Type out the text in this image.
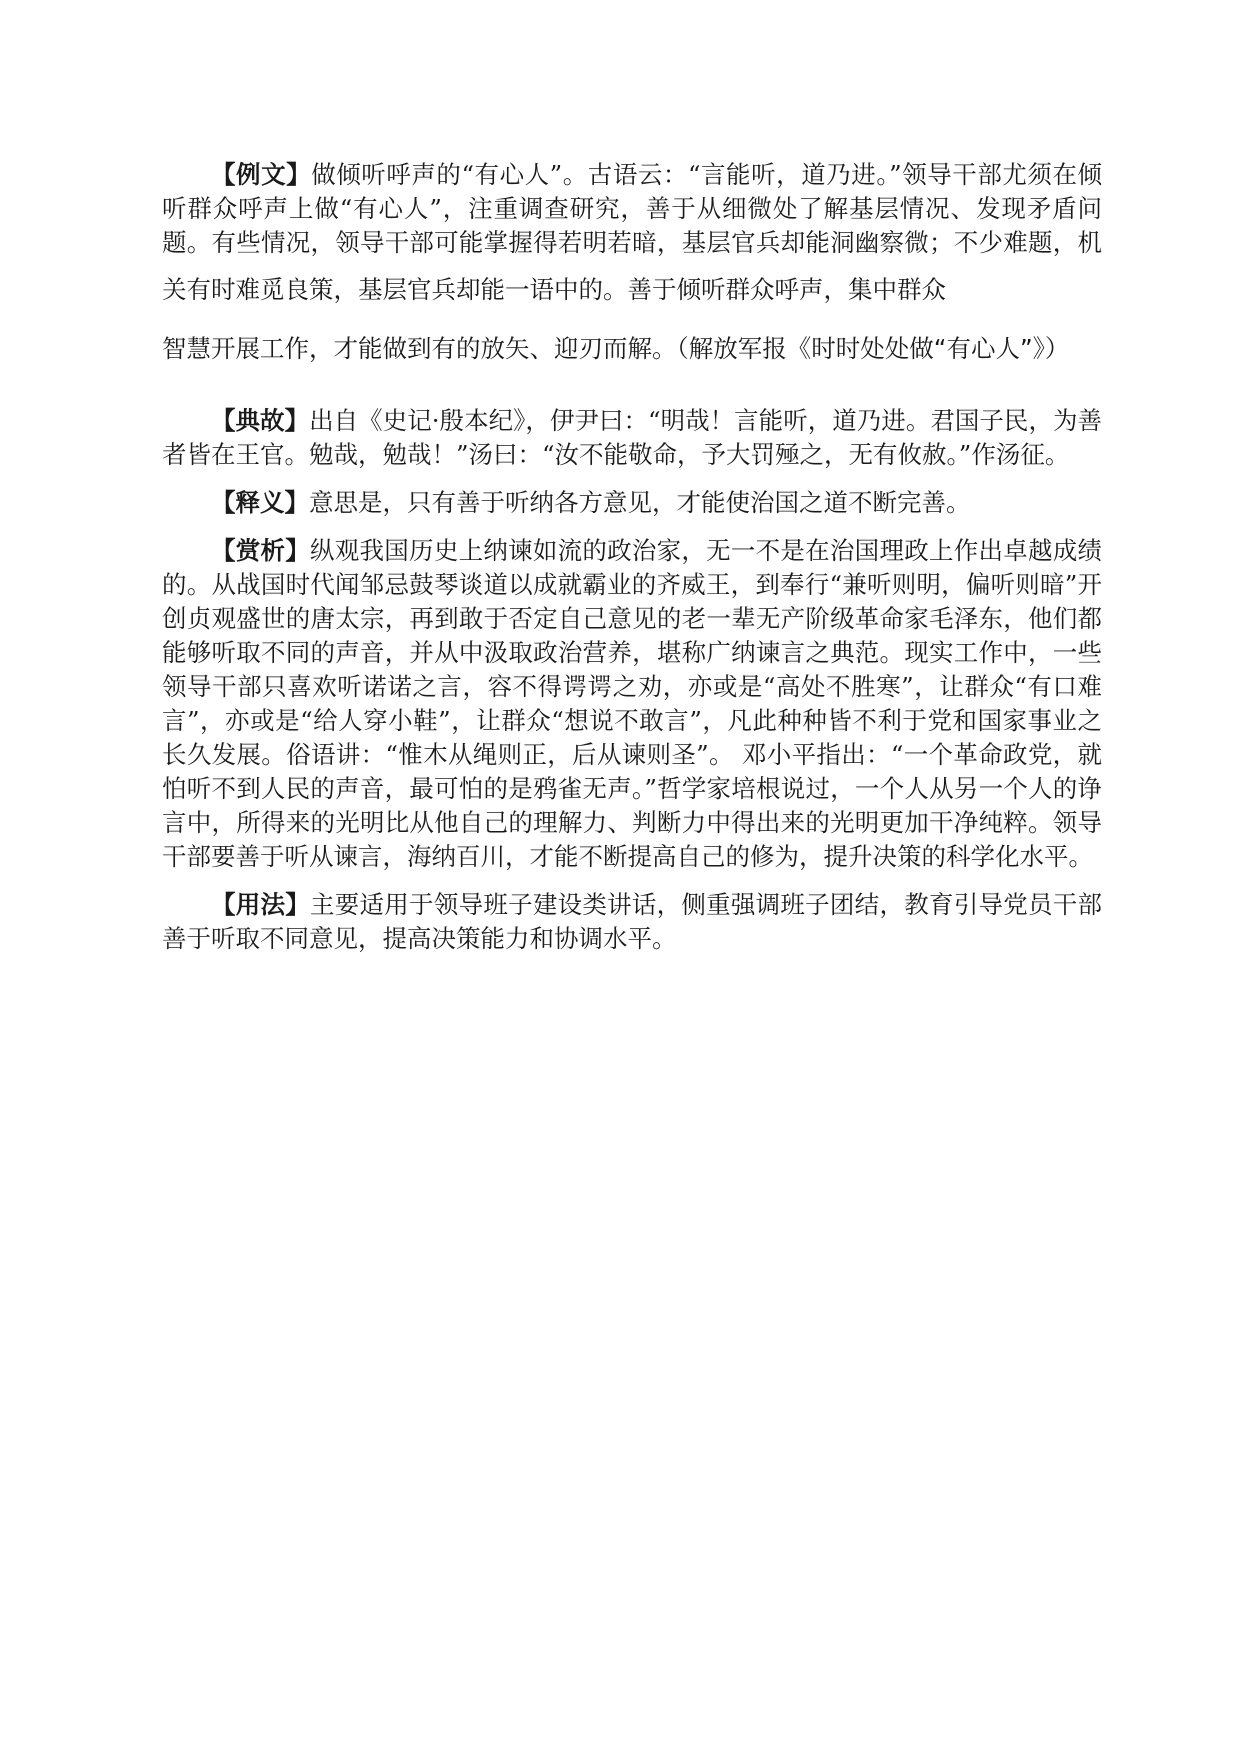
【例文】做倾听呼声的“有心人”。古语云：“言能听，道乃进。”领导干部尤须在倾听群众呼声上做“有心人”，注重调查研究，善于从细微处了解基层情况、发现矛盾问题。有些情况，领导干部可能掌握得若明若暗，基层官兵却能洞幽察微；不少难题，机关有时难觅良策，基层官兵却能一语中的。善于倾听群众呼声，集中群众
智慧开展工作，才能做到有的放矢、迎刃而解。（解放军报《时时处处做“有心人”》）

【典故】出自《史记·殷本纪》，伊尹曰：“明哉！言能听，道乃进。君国子民，为善者皆在王官。勉哉，勉哉！”汤曰：“汝不能敬命，予大罚殛之，无有攸赦。”作汤征。

【释义】意思是，只有善于听纳各方意见，才能使治国之道不断完善。

【赏析】纵观我国历史上纳谏如流的政治家，无一不是在治国理政上作出卓越成绩的。从战国时代闻邹忌鼓琴谈道以成就霸业的齐威王，到奉行“兼听则明，偏听则暗”开创贞观盛世的唐太宗，再到敢于否定自己意见的老一辈无产阶级革命家毛泽东，他们都能够听取不同的声音，并从中汲取政治营养，堪称广纳谏言之典范。现实工作中，一些领导干部只喜欢听诺诺之言，容不得谔谔之劝，亦或是“高处不胜寒”，让群众“有口难言”，亦或是“给人穿小鞋”，让群众“想说不敢言”，凡此种种皆不利于党和国家事业之长久发展。俗语讲：“惟木从绳则正，后从谏则圣”。 邓小平指出：“一个革命政党，就怕听不到人民的声音，最可怕的是鸦雀无声。”哲学家培根说过，一个人从另一个人的诤言中，所得来的光明比从他自己的理解力、判断力中得出来的光明更加干净纯粹。领导干部要善于听从谏言，海纳百川，才能不断提高自己的修为，提升决策的科学化水平。

【用法】主要适用于领导班子建设类讲话，侧重强调班子团结，教育引导党员干部善于听取不同意见，提高决策能力和协调水平。
